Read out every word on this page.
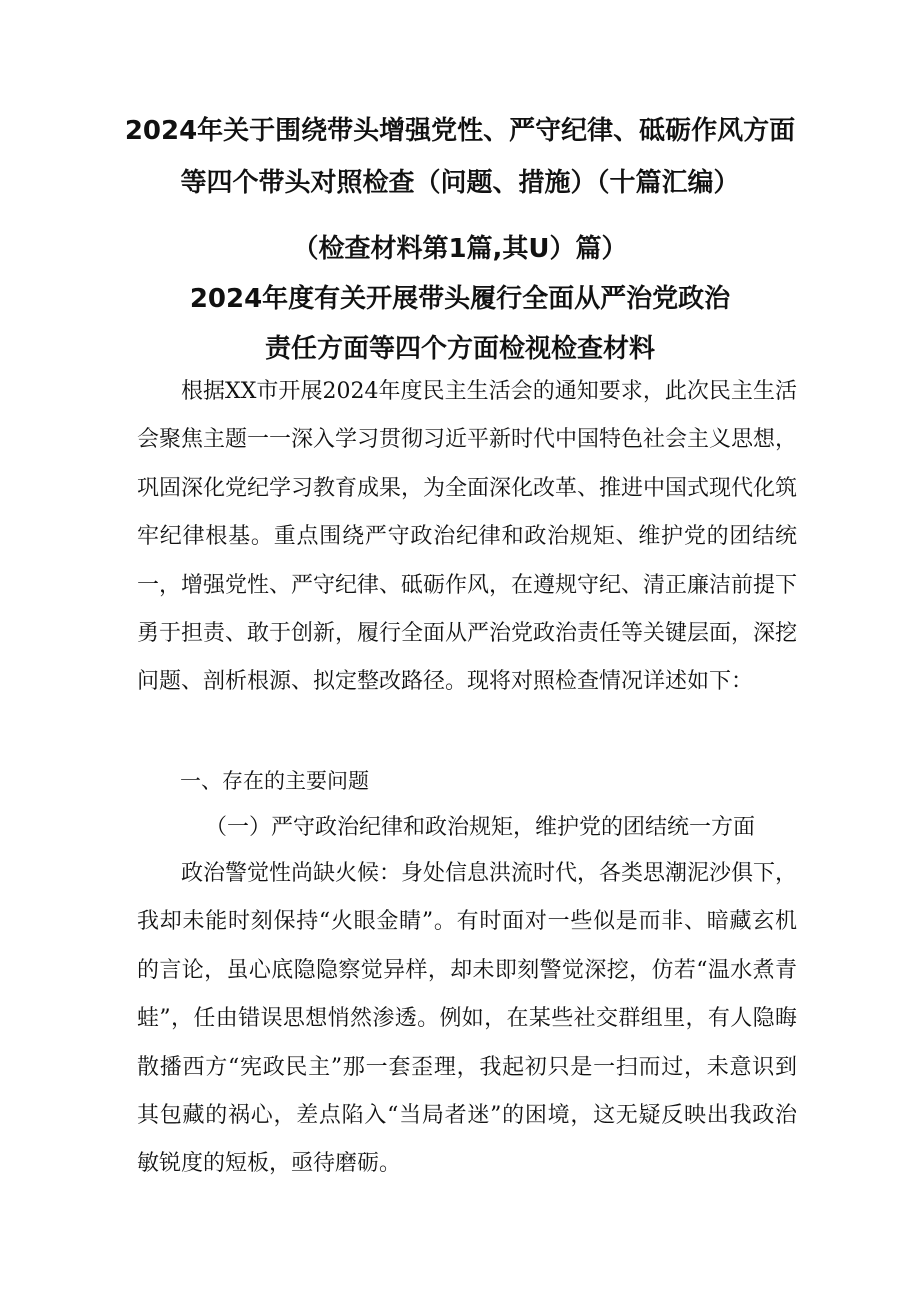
2024年关于围绕带头增强党性、严守纪律、砥砺作风方面
等四个带头对照检查（问题、措施）（十篇汇编）
（检查材料第1篇,其U）篇）
2024年度有关开展带头履行全面从严治党政治
责任方面等四个方面检视检查材料

根据XX市开展2024年度民主生活会的通知要求，此次民主生活会聚焦主题一一深入学习贯彻习近平新时代中国特色社会主义思想，巩固深化党纪学习教育成果，为全面深化改革、推进中国式现代化筑牢纪律根基。重点围绕严守政治纪律和政治规矩、维护党的团结统一，增强党性、严守纪律、砥砺作风，在遵规守纪、清正廉洁前提下勇于担责、敢于创新，履行全面从严治党政治责任等关键层面，深挖问题、剖析根源、拟定整改路径。现将对照检查情况详述如下：

一、存在的主要问题
（一）严守政治纪律和政治规矩，维护党的团结统一方面

政治警觉性尚缺火候：身处信息洪流时代，各类思潮泥沙俱下，我却未能时刻保持“火眼金睛”。有时面对一些似是而非、暗藏玄机的言论，虽心底隐隐察觉异样，却未即刻警觉深挖，仿若“温水煮青蛙”，任由错误思想悄然渗透。例如，在某些社交群组里，有人隐晦散播西方“宪政民主”那一套歪理，我起初只是一扫而过，未意识到其包藏的祸心，差点陷入“当局者迷”的困境，这无疑反映出我政治敏锐度的短板，亟待磨砺。
